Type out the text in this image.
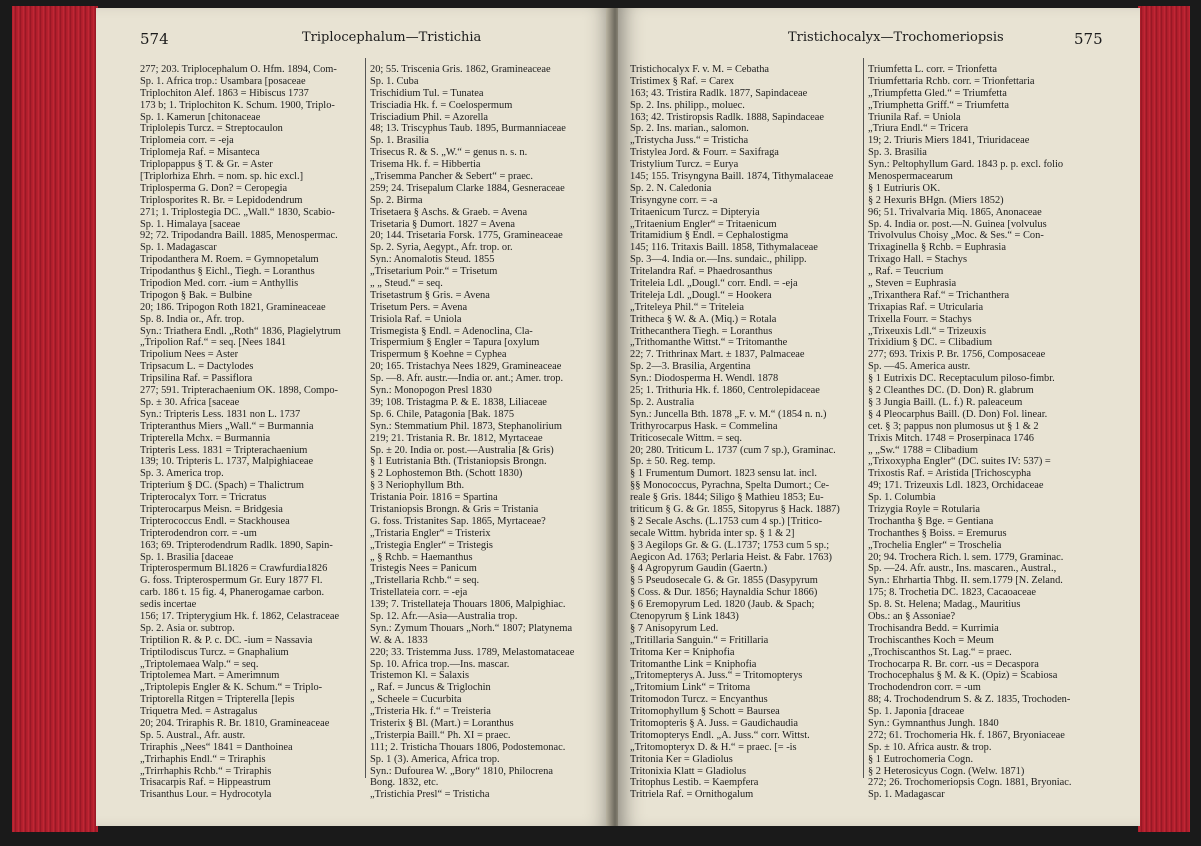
574	Triplocephalum—Tristichia
277; 203. Triplocephalum O. Hfm. 1894, Com-
Sp. 1. Africa trop.: Usambara [posaceae
Triplochiton Alef. 1863 = Hibiscus 1737
173 b; 1. Triplochiton K. Schum. 1900, Triplo-
Sp. 1. Kamerun [chitonaceae
Triplolepis Turcz. = Streptocaulon
Triplomeia corr. = -eja
Triplomeja Raf. = Misanteca
Triplopappus § T. & Gr. = Aster
[Triplorhiza Ehrh. = nom. sp. hic excl.]
Triplosperma G. Don? = Ceropegia
Triplosporites R. Br. = Lepidodendrum
271; 1. Triplostegia DC. „Wall.“ 1830, Scabio-
Sp. 1. Himalaya [saceae
92; 72. Tripodandra Baill. 1885, Menospermac.
Sp. 1. Madagascar
Tripodanthera M. Roem. = Gymnopetalum
Tripodanthus § Eichl., Tiegh. = Loranthus
Tripodion Med. corr. -ium = Anthyllis
Tripogon § Bak. = Bulbine
20; 186. Tripogon Roth 1821, Gramineaceae
Sp. 8. India or., Afr. trop.
Syn.: Triathera Endl. „Roth“ 1836, Plagielytrum
„Tripolion Raf.“ = seq. [Nees 1841
Tripolium Nees = Aster
Tripsacum L. = Dactylodes
Tripsilina Raf. = Passiflora
277; 591. Tripterachaenium OK. 1898, Compo-
Sp. ± 30. Africa [saceae
Syn.: Tripteris Less. 1831 non L. 1737
Tripteranthus Miers „Wall.“ = Burmannia
Tripterella Mchx. = Burmannia
Tripteris Less. 1831 = Tripterachaenium
139; 10. Tripteris L. 1737, Malpighiaceae
Sp. 3. America trop.
Tripterium § DC. (Spach) = Thalictrum
Tripterocalyx Torr. = Tricratus
Tripterocarpus Meisn. = Bridgesia
Tripterococcus Endl. = Stackhousea
Tripterodendron corr. = -um
163; 69. Tripterodendrum Radlk. 1890, Sapin-
Sp. 1. Brasilia [daceae
Tripterospermum Bl.1826 = Crawfurdia1826
G. foss. Tripterospermum Gr. Eury 1877 Fl.
carb. 186 t. 15 fig. 4, Phanerogamae carbon.
sedis incertae
156; 17. Tripterygium Hk. f. 1862, Celastraceae
Sp. 2. Asia or. subtrop.
Triptilion R. & P. c. DC. -ium = Nassavia
Triptilodiscus Turcz. = Gnaphalium
„Triptolemaea Walp.“ = seq.
Triptolemea Mart. = Amerimnum
„Triptolepis Engler & K. Schum.“ = Triplo-
Triptorella Ritgen = Tripterella [lepis
Triquetra Med. = Astragalus
20; 204. Triraphis R. Br. 1810, Gramineaceae
Sp. 5. Austral., Afr. austr.
Triraphis „Nees“ 1841 = Danthoinea
„Trirhaphis Endl.“ = Triraphis
„Trirrhaphis Rchb.“ = Triraphis
Trisacarpis Raf. = Hippeastrum
Trisanthus Lour. = Hydrocotyla
20; 55. Triscenia Gris. 1862, Gramineaceae
Sp. 1. Cuba
Trischidium Tul. = Tunatea
Trisciadia Hk. f. = Coelospermum
Trisciadium Phil. = Azorella
48; 13. Triscyphus Taub. 1895, Burmanniaceae
Sp. 1. Brasilia
Trisecus R. & S. „W.“ = genus n. s. n.
Trisema Hk. f. = Hibbertia
„Trisemma Pancher & Sebert“ = praec.
259; 24. Trisepalum Clarke 1884, Gesneraceae
Sp. 2. Birma
Trisetaera § Aschs. & Graeb. = Avena
Trisetaria § Dumort. 1827 = Avena
20; 144. Trisetaria Forsk. 1775, Gramineaceae
Sp. 2. Syria, Aegypt., Afr. trop. or.
Syn.: Anomalotis Steud. 1855
„Trisetarium Poir.“ = Trisetum
„ „ Steud.“ = seq.
Trisetastrum § Gris. = Avena
Trisetum Pers. = Avena
Trisiola Raf. = Uniola
Trismegista § Endl. = Adenoclina, Cla-
Trispermium § Engler = Tapura [oxylum
Trispermum § Koehne = Cyphea
20; 165. Tristachya Nees 1829, Gramineaceae
Sp. —8. Afr. austr.—India or. ant.; Amer. trop.
Syn.: Monopogon Presl 1830
39; 108. Tristagma P. & E. 1838, Liliaceae
Sp. 6. Chile, Patagonia [Bak. 1875
Syn.: Stemmatium Phil. 1873, Stephanolirium
219; 21. Tristania R. Br. 1812, Myrtaceae
Sp. ± 20. India or. post.—Australia [& Gris)
§ 1 Eutristania Bth. (Tristaniopsis Brongn.
§ 2 Lophostemon Bth. (Schott 1830)
§ 3 Neriophyllum Bth.
Tristania Poir. 1816 = Spartina
Tristaniopsis Brongn. & Gris = Tristania
G. foss. Tristanites Sap. 1865, Myrtaceae?
„Tristaria Engler“ = Tristerix
„Tristegia Engler“ = Tristegis
„ § Rchb. = Haemanthus
Tristegis Nees = Panicum
„Tristellaria Rchb.“ = seq.
Tristellateia corr. = -eja
139; 7. Tristellateja Thouars 1806, Malpighiac.
Sp. 12. Afr.—Asia—Australia trop.
Syn.: Zymum Thouars „Norh.“ 1807; Platynema
W. & A. 1833
220; 33. Tristemma Juss. 1789, Melastomataceae
Sp. 10. Africa trop.—Ins. mascar.
Tristemon Kl. = Salaxis
„ Raf. = Juncus & Triglochin
„ Scheele = Cucurbita
„Tristeria Hk. f.“ = Treisteria
Tristerix § Bl. (Mart.) = Loranthus
„Tristerpia Baill.“ Ph. XI = praec.
111; 2. Tristicha Thouars 1806, Podostemonac.
Sp. 1 (3). America, Africa trop.
Syn.: Dufourea W. „Bory“ 1810, Philocrena
Bong. 1832, etc.
„Tristichia Presl“ = Tristicha
Tristichocalyx—Trochomeriopsis	575
Tristichocalyx F. v. M. = Cebatha
Tristimex § Raf. = Carex
163; 43. Tristira Radlk. 1877, Sapindaceae
Sp. 2. Ins. philipp., moluec.
163; 42. Tristiropsis Radlk. 1888, Sapindaceae
Sp. 2. Ins. marian., salomon.
„Tristycha Juss.“ = Tristicha
Tristylea Jord. & Fourr. = Saxifraga
Tristylium Turcz. = Eurya
145; 155. Trisyngyna Baill. 1874, Tithymalaceae
Sp. 2. N. Caledonia
Trisyngyne corr. = -a
Tritaenicum Turcz. = Dipteryia
„Tritaenium Engler“ = Tritaenicum
Tritamidium § Endl. = Cephalostigma
145; 116. Tritaxis Baill. 1858, Tithymalaceae
Sp. 3—4. India or.—Ins. sundaic., philipp.
Tritelandra Raf. = Phaedrosanthus
Triteleia Ldl. „Dougl.“ corr. Endl. = -eja
Triteleja Ldl. „Dougl.“ = Hookera
„Triteleya Phil.“ = Triteleia
Tritheca § W. & A. (Miq.) = Rotala
Trithecanthera Tiegh. = Loranthus
„Trithomanthe Wittst.“ = Tritomanthe
22; 7. Trithrinax Mart. ± 1837, Palmaceae
Sp. 2—3. Brasilia, Argentina
Syn.: Diodosperma H. Wendl. 1878
25; 1. Trithuria Hk. f. 1860, Centrolepidaceae
Sp. 2. Australia
Syn.: Juncella Bth. 1878 „F. v. M.“ (1854 n. n.)
Trithyrocarpus Hask. = Commelina
Triticosecale Wittm. = seq.
20; 280. Triticum L. 1737 (cum 7 sp.), Graminac.
Sp. ± 50. Reg. temp.
§ 1 Frumentum Dumort. 1823 sensu lat. incl.
§§ Monococcus, Pyrachna, Spelta Dumort.; Ce-
reale § Gris. 1844; Siligo § Mathieu 1853; Eu-
triticum § G. & Gr. 1855, Sitopyrus § Hack. 1887)
§ 2 Secale Aschs. (L.1753 cum 4 sp.) [Tritico-
secale Wittm. hybrida inter sp. § 1 & 2]
§ 3 Aegilops Gr. & G. (L.1737; 1753 cum 5 sp.;
Aegicon Ad. 1763; Perlaria Heist. & Fabr. 1763)
§ 4 Agropyrum Gaudin (Gaertn.)
§ 5 Pseudosecale G. & Gr. 1855 (Dasypyrum
§ Coss. & Dur. 1856; Haynaldia Schur 1866)
§ 6 Eremopyrum Led. 1820 (Jaub. & Spach;
Ctenopyrum § Link 1843)
§ 7 Anisopyrum Led.
„Tritillaria Sanguin.“ = Fritillaria
Tritoma Ker = Kniphofia
Tritomanthe Link = Kniphofia
„Tritomepterys A. Juss.“ = Tritomopterys
„Tritomium Link“ = Tritoma
Tritomodon Turcz. = Encyanthus
Tritomophyllum § Schott = Baursea
Tritomopteris § A. Juss. = Gaudichaudia
Tritomopterys Endl. „A. Juss.“ corr. Wittst.
„Tritomopteryx D. & H.“ = praec. [= -is
Tritonia Ker = Gladiolus
Tritonixia Klatt = Gladiolus
Tritophus Lestib. = Kaempfera
Tritriela Raf. = Ornithogalum
Triumfetta L. corr. = Trionfetta
Triumfettaria Rchb. corr. = Trionfettaria
„Triumpfetta Gled.“ = Triumfetta
„Triumphetta Griff.“ = Triumfetta
Triunila Raf. = Uniola
„Triura Endl.“ = Tricera
19; 2. Triuris Miers 1841, Triuridaceae
Sp. 3. Brasilia
Syn.: Peltophyllum Gard. 1843 p. p. excl. folio
Menospermacearum
§ 1 Eutriuris OK.
§ 2 Hexuris BHgn. (Miers 1852)
96; 51. Trivalvaria Miq. 1865, Anonaceae
Sp. 4. India or. post.—N. Guinea [volvulus
Trivolvulus Choisy „Moc. & Ses.“ = Con-
Trixaginella § Rchb. = Euphrasia
Trixago Hall. = Stachys
„ Raf. = Teucrium
„ Steven = Euphrasia
„Trixanthera Raf.“ = Trichanthera
Trixapias Raf. = Utricularia
Trixella Fourr. = Stachys
„Trixeuxis Ldl.“ = Trizeuxis
Trixidium § DC. = Clibadium
277; 693. Trixis P. Br. 1756, Composaceae
Sp. —45. America austr.
§ 1 Eutrixis DC. Receptaculum piloso-fimbr.
§ 2 Cleanthes DC. (D. Don) R. glabrum
§ 3 Jungia Baill. (L. f.) R. paleaceum
§ 4 Pleocarphus Baill. (D. Don) Fol. linear.
cet. § 3; pappus non plumosus ut § 1 & 2
Trixis Mitch. 1748 = Proserpinaca 1746
„ „Sw.“ 1788 = Clibadium
„Trixoxypha Engler“ (DC. suites IV: 537) =
Trixostis Raf. = Aristida [Trichoscypha
49; 171. Trizeuxis Ldl. 1823, Orchidaceae
Sp. 1. Columbia
Trizygia Royle = Rotularia
Trochantha § Bge. = Gentiana
Trochanthes § Boiss. = Eremurus
„Trochelia Engler“ = Troschelia
20; 94. Trochera Rich. l. sem. 1779, Graminac.
Sp. —24. Afr. austr., Ins. mascaren., Austral.,
Syn.: Ehrhartia Thbg. II. sem.1779 [N. Zeland.
175; 8. Trochetia DC. 1823, Cacaoaceae
Sp. 8. St. Helena; Madag., Mauritius
Obs.: an § Assoniae?
Trochisandra Bedd. = Kurrimia
Trochiscanthes Koch = Meum
„Trochiscanthos St. Lag.“ = praec.
Trochocarpa R. Br. corr. -us = Decaspora
Trochocephalus § M. & K. (Opiz) = Scabiosa
Trochodendron corr. = -um
88; 4. Trochodendrum S. & Z. 1835, Trochoden-
Sp. 1. Japonia [draceae
Syn.: Gymnanthus Jungh. 1840
272; 61. Trochomeria Hk. f. 1867, Bryoniaceae
Sp. ± 10. Africa austr. & trop.
§ 1 Eutrochomeria Cogn.
§ 2 Heterosicyus Cogn. (Welw. 1871)
272; 26. Trochomeriopsis Cogn. 1881, Bryoniac.
Sp. 1. Madagascar
